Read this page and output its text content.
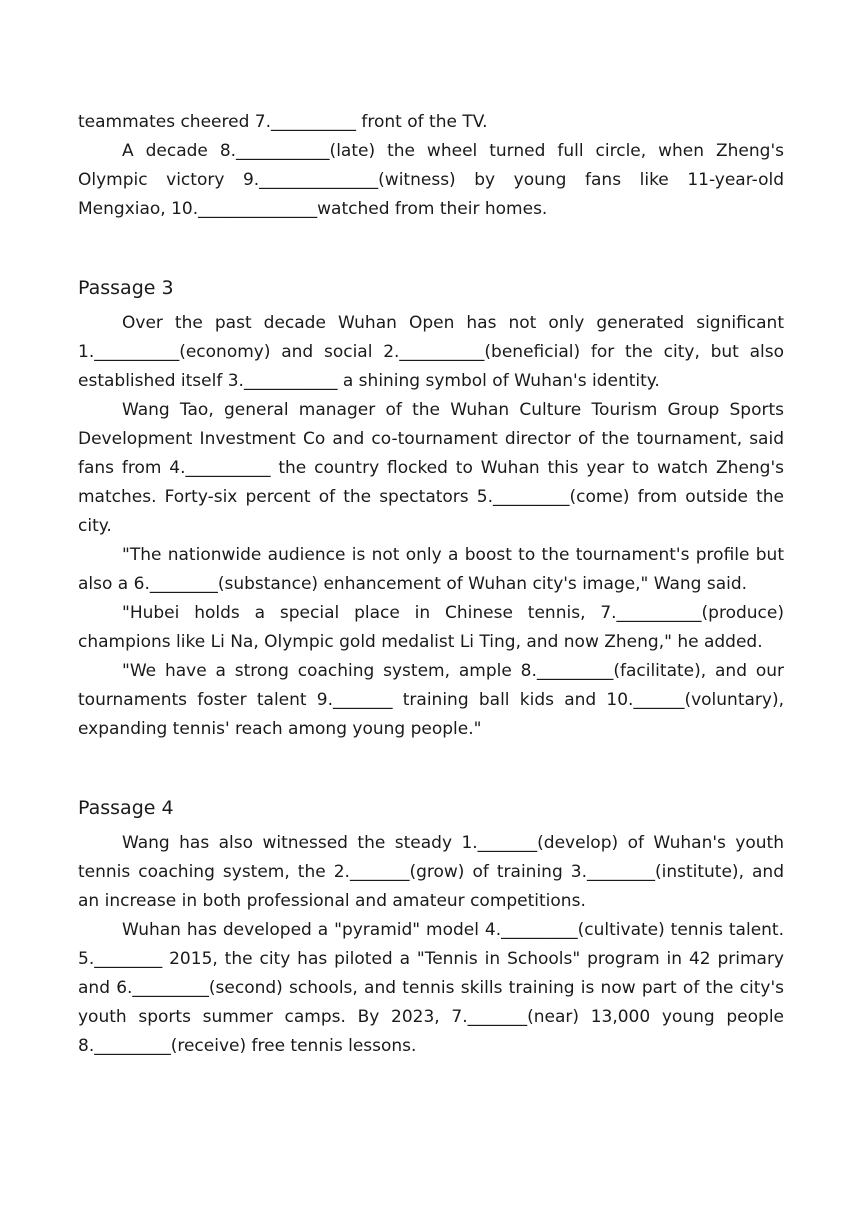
teammates cheered 7.__________ front of the TV.

A decade 8.___________(late) the wheel turned full circle, when Zheng's Olympic victory 9.______________(witness) by young fans like 11-year-old Mengxiao, 10.______________watched from their homes.

Passage 3

Over the past decade Wuhan Open has not only generated significant 1.__________(economy) and social 2.__________(beneficial) for the city, but also established itself 3.___________ a shining symbol of Wuhan's identity.

Wang Tao, general manager of the Wuhan Culture Tourism Group Sports Development Investment Co and co-tournament director of the tournament, said fans from 4.__________ the country flocked to Wuhan this year to watch Zheng's matches. Forty-six percent of the spectators 5._________(come) from outside the city.

"The nationwide audience is not only a boost to the tournament's profile but also a 6.________(substance) enhancement of Wuhan city's image," Wang said.

"Hubei holds a special place in Chinese tennis, 7.__________(produce) champions like Li Na, Olympic gold medalist Li Ting, and now Zheng," he added.

"We have a strong coaching system, ample 8._________(facilitate), and our tournaments foster talent 9._______ training ball kids and 10.______(voluntary), expanding tennis' reach among young people."

Passage 4

Wang has also witnessed the steady 1._______(develop) of Wuhan's youth tennis coaching system, the 2._______(grow) of training 3.________(institute), and an increase in both professional and amateur competitions.

Wuhan has developed a "pyramid" model 4._________(cultivate) tennis talent. 5.________ 2015, the city has piloted a "Tennis in Schools" program in 42 primary and 6._________(second) schools, and tennis skills training is now part of the city's youth sports summer camps. By 2023, 7._______(near) 13,000 young people 8._________(receive) free tennis lessons.
